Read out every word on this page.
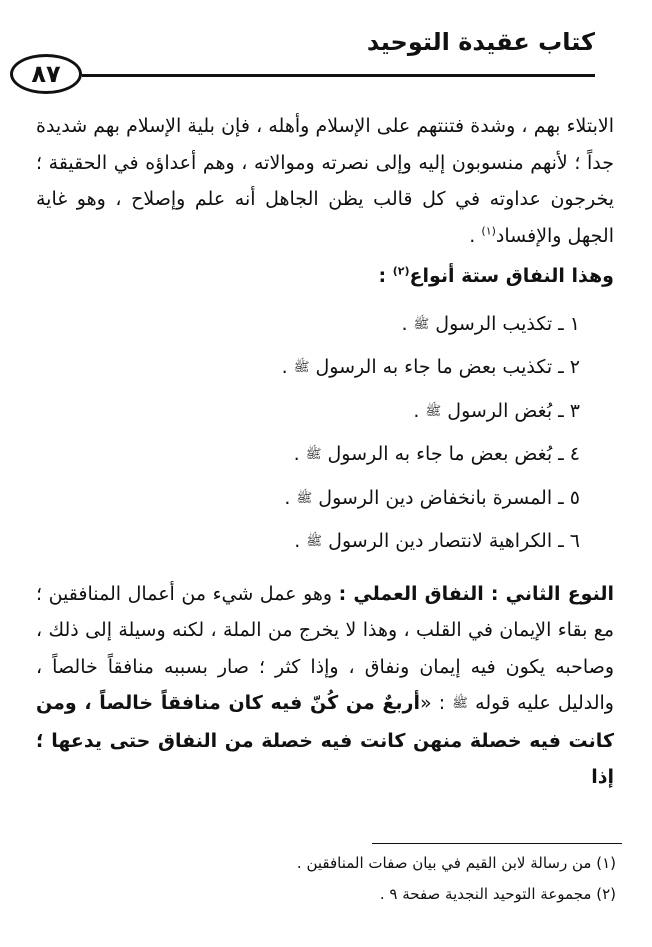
كتاب عقيدة التوحيد
٨٧

الابتلاء بهم ، وشدة فتنتهم على الإسلام وأهله ، فإن بلية الإسلام بهم شديدة جداً ؛ لأنهم منسوبون إليه وإلى نصرته وموالاته ، وهم أعداؤه في الحقيقة ؛ يخرجون عداوته في كل قالب يظن الجاهل أنه علم وإصلاح ، وهو غاية الجهل والإفساد$^{(١)}$ .

وهذا النفاق ستة أنواع$^{(٢)}$ :

١ ـ تكذيب الرسول ﷺ .
٢ ـ تكذيب بعض ما جاء به الرسول ﷺ .
٣ ـ بُغض الرسول ﷺ .
٤ ـ بُغض بعض ما جاء به الرسول ﷺ .
٥ ـ المسرة بانخفاض دين الرسول ﷺ .
٦ ـ الكراهية لانتصار دين الرسول ﷺ .

النوع الثاني : النفاق العملي : وهو عمل شيء من أعمال المنافقين ؛ مع بقاء الإيمان في القلب ، وهذا لا يخرج من الملة ، لكنه وسيلة إلى ذلك ، وصاحبه يكون فيه إيمان ونفاق ، وإذا كثر ؛ صار بسببه منافقاً خالصاً ، والدليل عليه قوله ﷺ : «أربعٌ من كُنّ فيه كان منافقاً خالصاً ، ومن كانت فيه خصلة منهن كانت فيه خصلة من النفاق حتى يدعها ؛ إذا

(١) من رسالة لابن القيم في بيان صفات المنافقين .

(٢) مجموعة التوحيد النجدية صفحة ٩ .
